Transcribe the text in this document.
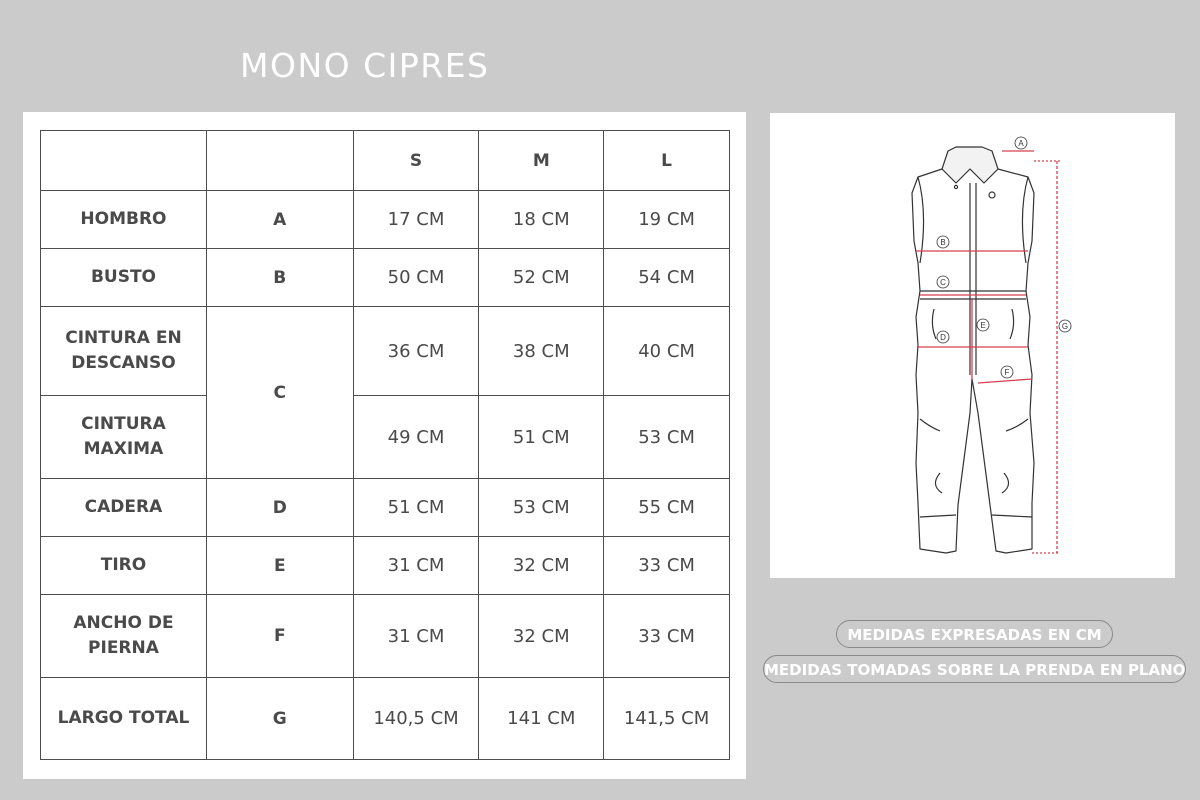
MONO CIPRES
		S	M	L
HOMBRO	A	17 CM	18 CM	19 CM
BUSTO	B	50 CM	52 CM	54 CM
CINTURA EN DESCANSO	C	36 CM	38 CM	40 CM
CINTURA MAXIMA		49 CM	51 CM	53 CM
CADERA	D	51 CM	53 CM	55 CM
TIRO	E	31 CM	32 CM	33 CM
ANCHO DE PIERNA	F	31 CM	32 CM	33 CM
LARGO TOTAL	G	140,5 CM	141 CM	141,5 CM
A
B
C
D
E
F
G
MEDIDAS EXPRESADAS EN CM
MEDIDAS TOMADAS SOBRE LA PRENDA EN PLANO
